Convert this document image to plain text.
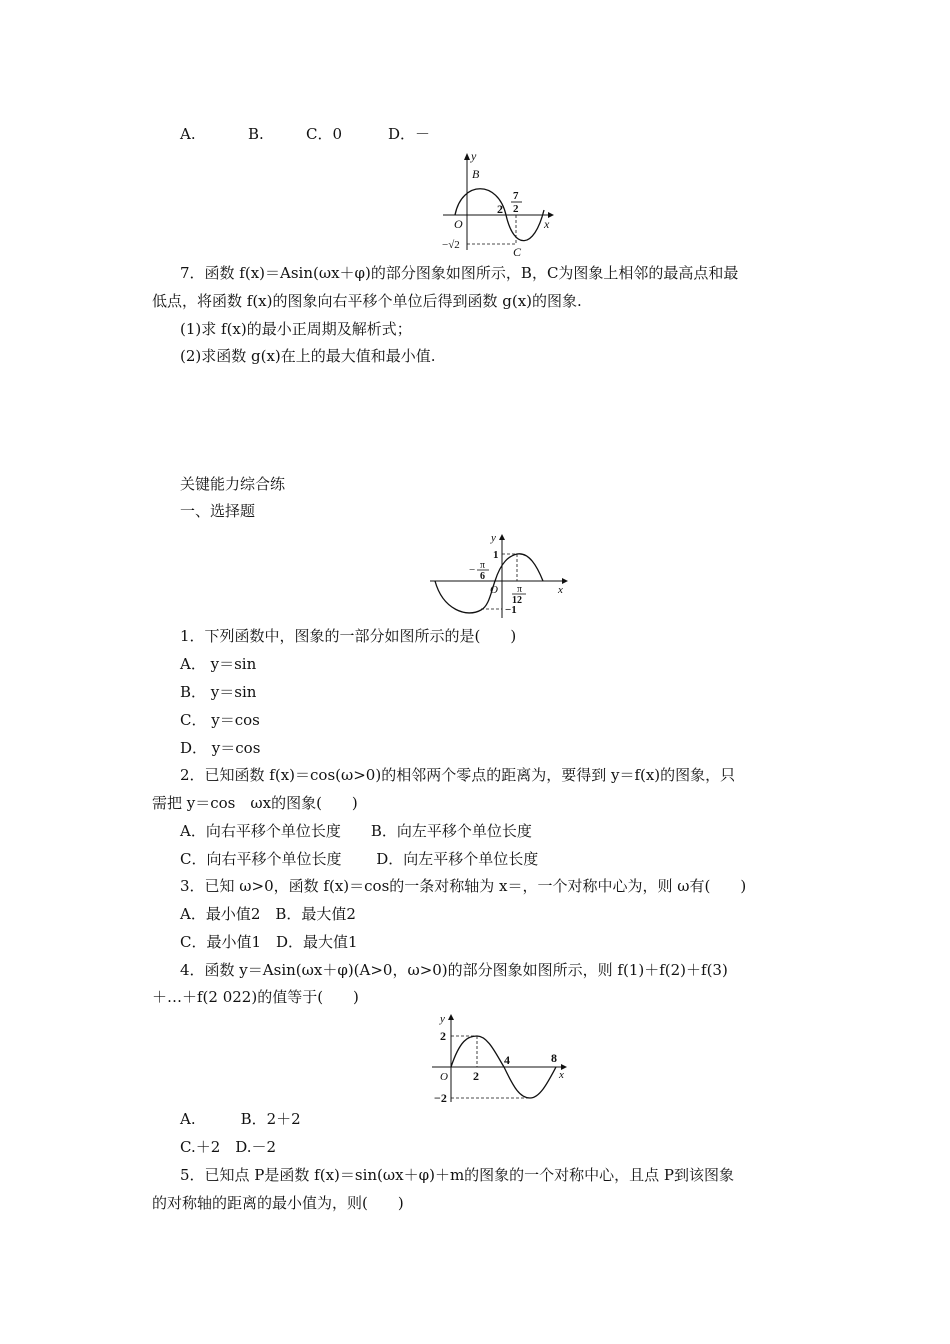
A.	B.	C．0	D．－
y
x
O
B
C
2
7
2
−√2
7．函数 f(x)＝Asin(ωx＋φ)的部分图象如图所示，B，C为图象上相邻的最高点和最
低点，将函数 f(x)的图象向右平移个单位后得到函数 g(x)的图象.
(1)求 f(x)的最小正周期及解析式；
(2)求函数 g(x)在上的最大值和最小值.
关键能力综合练
一、选择题
y
x
O
1
−1
− π
6
π
12
1．下列函数中，图象的一部分如图所示的是(　　)
A． y＝sin
B． y＝sin
C． y＝cos
D． y＝cos
2．已知函数 f(x)＝cos(ω>0)的相邻两个零点的距离为，要得到 y＝f(x)的图象，只
需把 y＝cos　ωx的图象(　　)
A．向右平移个单位长度　　B．向左平移个单位长度
C．向右平移个单位长度　　 D．向左平移个单位长度
3．已知 ω>0，函数 f(x)＝cos的一条对称轴为 x＝，一个对称中心为，则 ω有(　　)
A．最小值2　B．最大值2
C．最小值1　D．最大值1
4．函数 y＝Asin(ωx＋φ)(A>0，ω>0)的部分图象如图所示，则 f(1)＋f(2)＋f(3)
＋…＋f(2 022)的值等于(　　)
y
x
O
2
−2
2
4	8
A.　　　B．2＋2
C.＋2　D.－2
5．已知点 P是函数 f(x)＝sin(ωx＋φ)＋m的图象的一个对称中心，且点 P到该图象
的对称轴的距离的最小值为，则(　　)
